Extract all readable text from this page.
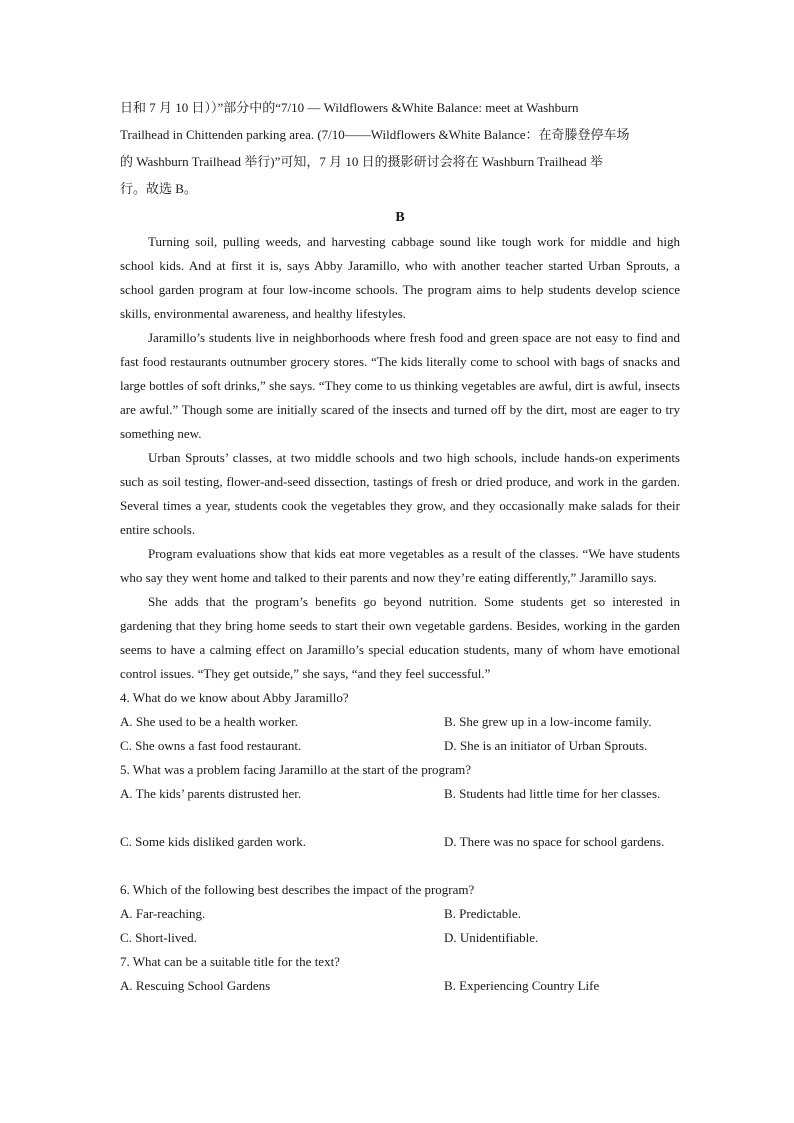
日和 7 月 10 日））”部分中的“7/10 — Wildflowers &White Balance: meet at Washburn

Trailhead in Chittenden parking area. (7/10——Wildflowers &White Balance：在奇滕登停车场

的 Washburn Trailhead 举行)”可知，7 月 10 日的摄影研讨会将在 Washburn Trailhead 举

行。故选 B。

B

Turning soil, pulling weeds, and harvesting cabbage sound like tough work for middle and high school kids. And at first it is, says Abby Jaramillo, who with another teacher started Urban Sprouts, a school garden program at four low-income schools. The program aims to help students develop science skills, environmental awareness, and healthy lifestyles.

Jaramillo’s students live in neighborhoods where fresh food and green space are not easy to find and fast food restaurants outnumber grocery stores. “The kids literally come to school with bags of snacks and large bottles of soft drinks,” she says. “They come to us thinking vegetables are awful, dirt is awful, insects are awful.” Though some are initially scared of the insects and turned off by the dirt, most are eager to try something new.

Urban Sprouts’ classes, at two middle schools and two high schools, include hands-on experiments such as soil testing, flower-and-seed dissection, tastings of fresh or dried produce, and work in the garden. Several times a year, students cook the vegetables they grow, and they occasionally make salads for their entire schools.

Program evaluations show that kids eat more vegetables as a result of the classes. “We have students who say they went home and talked to their parents and now they’re eating differently,” Jaramillo says.

She adds that the program’s benefits go beyond nutrition. Some students get so interested in gardening that they bring home seeds to start their own vegetable gardens. Besides, working in the garden seems to have a calming effect on Jaramillo’s special education students, many of whom have emotional control issues. “They get outside,” she says, “and they feel successful.”

4. What do we know about Abby Jaramillo?

A. She used to be a health worker.	B. She grew up in a low-income family.
C. She owns a fast food restaurant.	D. She is an initiator of Urban Sprouts.

5. What was a problem facing Jaramillo at the start of the program?

A. The kids’ parents distrusted her.	B. Students had little time for her classes.
C. Some kids disliked garden work.	D. There was no space for school gardens.

6. Which of the following best describes the impact of the program?

A. Far-reaching.	B. Predictable.
C. Short-lived.	D. Unidentifiable.

7. What can be a suitable title for the text?

A. Rescuing School Gardens	B. Experiencing Country Life
